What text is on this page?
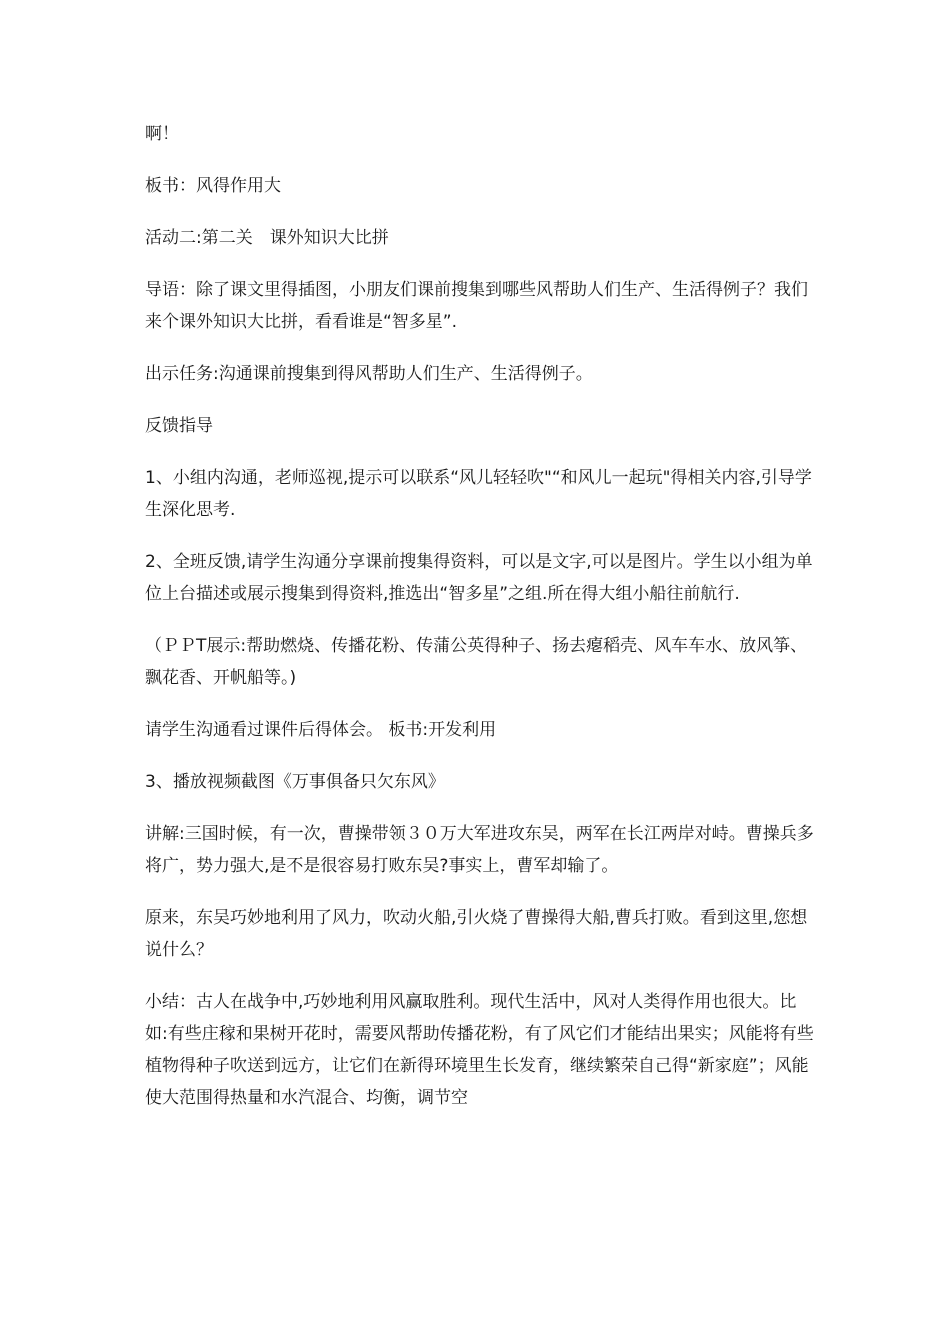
啊！

板书：风得作用大

活动二:第二关　课外知识大比拼

导语：除了课文里得插图，小朋友们课前搜集到哪些风帮助人们生产、生活得例子？我们来个课外知识大比拼，看看谁是“智多星”.

出示任务:沟通课前搜集到得风帮助人们生产、生活得例子。

反馈指导

1、小组内沟通，老师巡视,提示可以联系“风儿轻轻吹"“和风儿一起玩"得相关内容,引导学生深化思考.

2、全班反馈,请学生沟通分享课前搜集得资料，可以是文字,可以是图片。学生以小组为单位上台描述或展示搜集到得资料,推选出“智多星”之组.所在得大组小船往前航行.

（ＰＰT展示:帮助燃烧、传播花粉、传蒲公英得种子、扬去瘪稻壳、风车车水、放风筝、飘花香、开帆船等。)

请学生沟通看过课件后得体会。 板书:开发利用

3、播放视频截图《万事俱备只欠东风》

讲解:三国时候，有一次，曹操带领３０万大军进攻东吴，两军在长江两岸对峙。曹操兵多将广，势力强大,是不是很容易打败东吴?事实上，曹军却输了。

原来，东吴巧妙地利用了风力，吹动火船,引火烧了曹操得大船,曹兵打败。看到这里,您想说什么？

小结：古人在战争中,巧妙地利用风赢取胜利。现代生活中，风对人类得作用也很大。比如:有些庄稼和果树开花时，需要风帮助传播花粉，有了风它们才能结出果实；风能将有些植物得种子吹送到远方，让它们在新得环境里生长发育，继续繁荣自己得“新家庭”；风能使大范围得热量和水汽混合、均衡，调节空
